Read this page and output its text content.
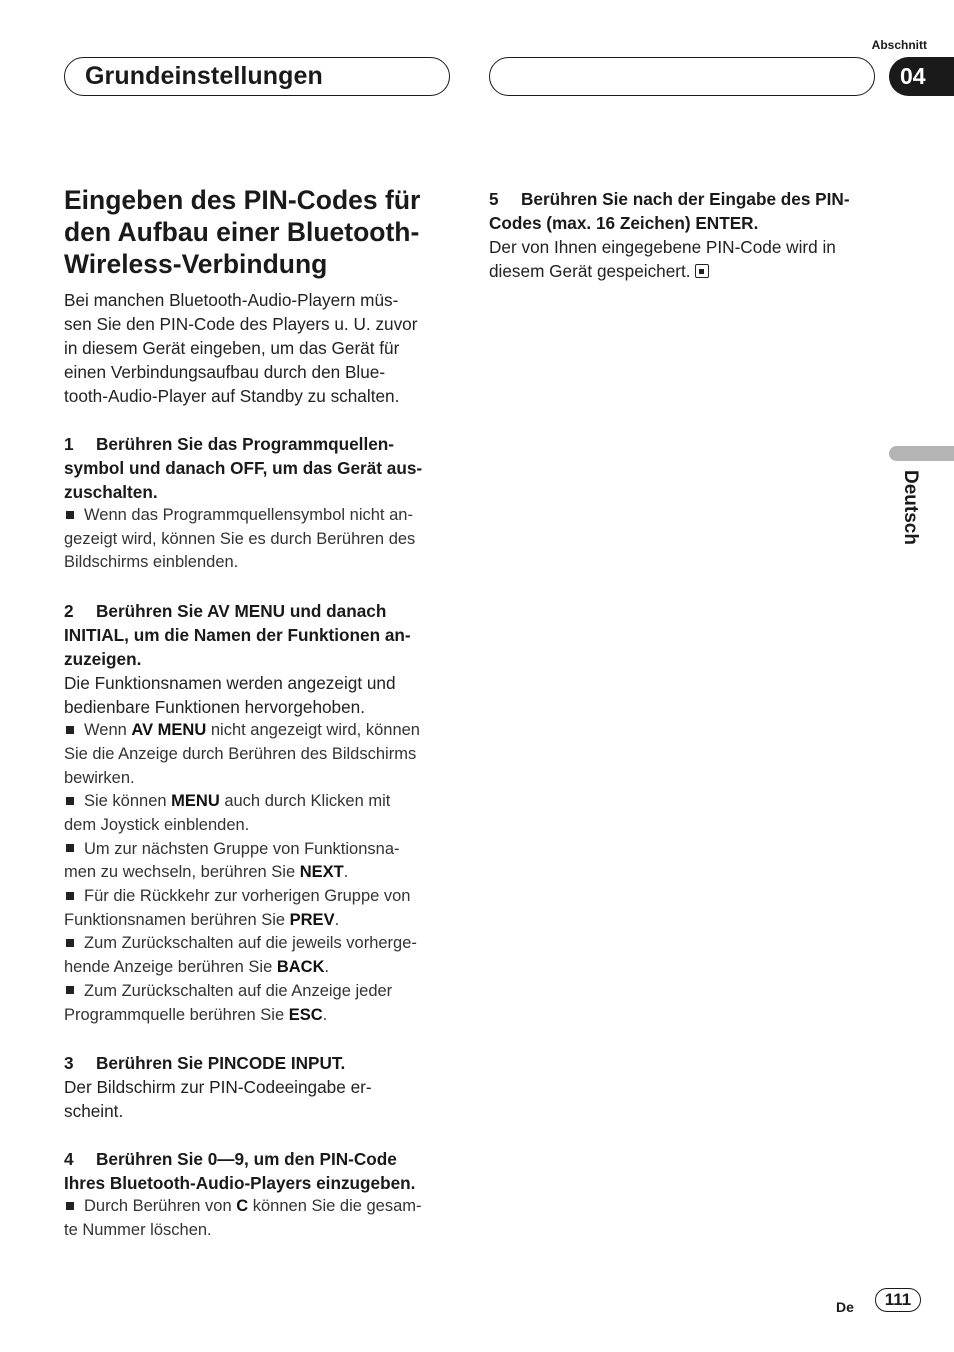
Abschnitt
Grundeinstellungen	04
Deutsch
Eingeben des PIN-Codes für
den Aufbau einer Bluetooth-
Wireless-Verbindung

Bei manchen Bluetooth-Audio-Playern müs-
sen Sie den PIN-Code des Players u. U. zuvor
in diesem Gerät eingeben, um das Gerät für
einen Verbindungsaufbau durch den Blue-
tooth-Audio-Player auf Standby zu schalten.

1 Berühren Sie das Programmquellen-
symbol und danach OFF, um das Gerät aus-
zuschalten.

Wenn das Programmquellensymbol nicht an-
gezeigt wird, können Sie es durch Berühren des
Bildschirms einblenden.

2 Berühren Sie AV MENU und danach
INITIAL, um die Namen der Funktionen an-
zuzeigen.

Die Funktionsnamen werden angezeigt und
bedienbare Funktionen hervorgehoben.

Wenn AV MENU nicht angezeigt wird, können
Sie die Anzeige durch Berühren des Bildschirms
bewirken.

Sie können MENU auch durch Klicken mit
dem Joystick einblenden.

Um zur nächsten Gruppe von Funktionsna-
men zu wechseln, berühren Sie NEXT.

Für die Rückkehr zur vorherigen Gruppe von
Funktionsnamen berühren Sie PREV.

Zum Zurückschalten auf die jeweils vorherge-
hende Anzeige berühren Sie BACK.

Zum Zurückschalten auf die Anzeige jeder
Programmquelle berühren Sie ESC.

3 Berühren Sie PINCODE INPUT.

Der Bildschirm zur PIN-Codeeingabe er-
scheint.

4 Berühren Sie 0—9, um den PIN-Code
Ihres Bluetooth-Audio-Players einzugeben.

Durch Berühren von C können Sie die gesam-
te Nummer löschen.

5 Berühren Sie nach der Eingabe des PIN-
Codes (max. 16 Zeichen) ENTER.

Der von Ihnen eingegebene PIN-Code wird in
diesem Gerät gespeichert.

De	111
